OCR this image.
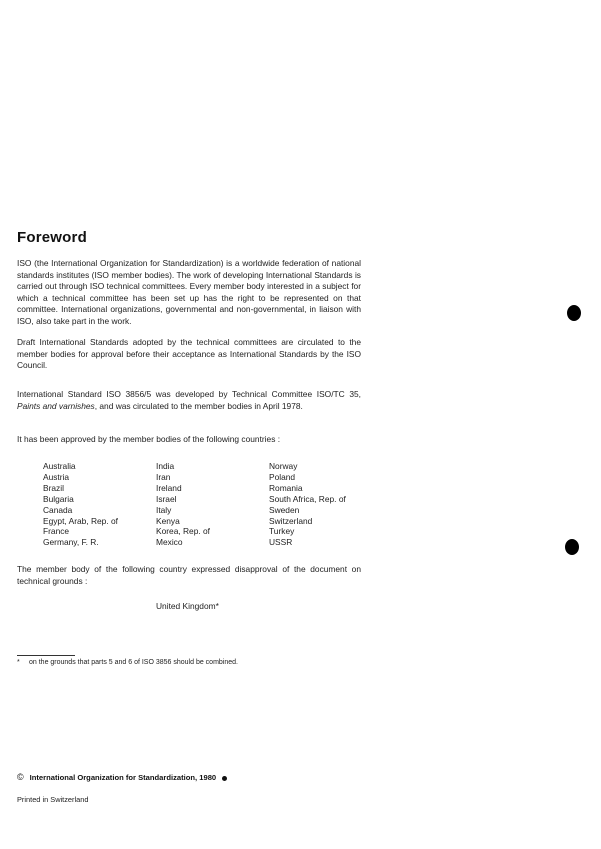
Foreword

ISO (the International Organization for Standardization) is a worldwide federation of national standards institutes (ISO member bodies). The work of developing International Standards is carried out through ISO technical committees. Every member body interested in a subject for which a technical committee has been set up has the right to be represented on that committee. International organizations, governmental and non-governmental, in liaison with ISO, also take part in the work.

Draft International Standards adopted by the technical committees are circulated to the member bodies for approval before their acceptance as International Standards by the ISO Council.

International Standard ISO 3856/5 was developed by Technical Committee ISO/TC 35, Paints and varnishes, and was circulated to the member bodies in April 1978.

It has been approved by the member bodies of the following countries :

Australia
Austria
Brazil
Bulgaria
Canada
Egypt, Arab, Rep. of
France
Germany, F. R.
India
Iran
Ireland
Israel
Italy
Kenya
Korea, Rep. of
Mexico
Norway
Poland
Romania
South Africa, Rep. of
Sweden
Switzerland
Turkey
USSR

The member body of the following country expressed disapproval of the document on technical grounds :

United Kingdom*
* on the grounds that parts 5 and 6 of ISO 3856 should be combined.
© International Organization for Standardization, 1980
Printed in Switzerland
